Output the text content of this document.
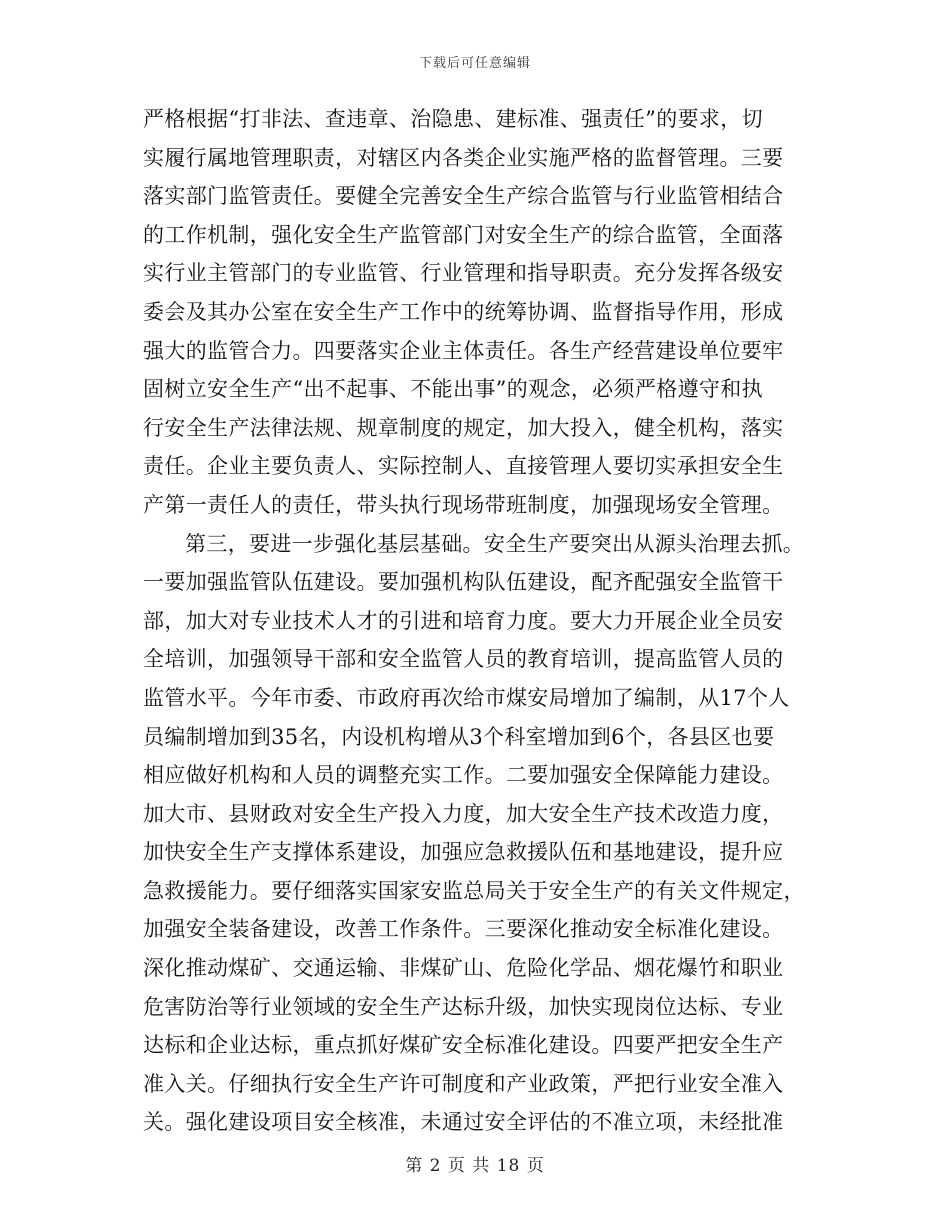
下载后可任意编辑
严格根据“打非法、查违章、治隐患、建标准、强责任”的要求，切
实履行属地管理职责，对辖区内各类企业实施严格的监督管理。三要
落实部门监管责任。要健全完善安全生产综合监管与行业监管相结合
的工作机制，强化安全生产监管部门对安全生产的综合监管，全面落
实行业主管部门的专业监管、行业管理和指导职责。充分发挥各级安
委会及其办公室在安全生产工作中的统筹协调、监督指导作用，形成
强大的监管合力。四要落实企业主体责任。各生产经营建设单位要牢
固树立安全生产“出不起事、不能出事”的观念，必须严格遵守和执
行安全生产法律法规、规章制度的规定，加大投入，健全机构，落实
责任。企业主要负责人、实际控制人、直接管理人要切实承担安全生
产第一责任人的责任，带头执行现场带班制度，加强现场安全管理。
第三，要进一步强化基层基础。安全生产要突出从源头治理去抓。
一要加强监管队伍建设。要加强机构队伍建设，配齐配强安全监管干
部，加大对专业技术人才的引进和培育力度。要大力开展企业全员安
全培训，加强领导干部和安全监管人员的教育培训，提高监管人员的
监管水平。今年市委、市政府再次给市煤安局增加了编制，从17个人
员编制增加到35名，内设机构增从3个科室增加到6个，各县区也要
相应做好机构和人员的调整充实工作。二要加强安全保障能力建设。
加大市、县财政对安全生产投入力度，加大安全生产技术改造力度，
加快安全生产支撑体系建设，加强应急救援队伍和基地建设，提升应
急救援能力。要仔细落实国家安监总局关于安全生产的有关文件规定，
加强安全装备建设，改善工作条件。三要深化推动安全标准化建设。
深化推动煤矿、交通运输、非煤矿山、危险化学品、烟花爆竹和职业
危害防治等行业领域的安全生产达标升级，加快实现岗位达标、专业
达标和企业达标，重点抓好煤矿安全标准化建设。四要严把安全生产
准入关。仔细执行安全生产许可制度和产业政策，严把行业安全准入
关。强化建设项目安全核准，未通过安全评估的不准立项，未经批准
第 2 页 共 18 页
